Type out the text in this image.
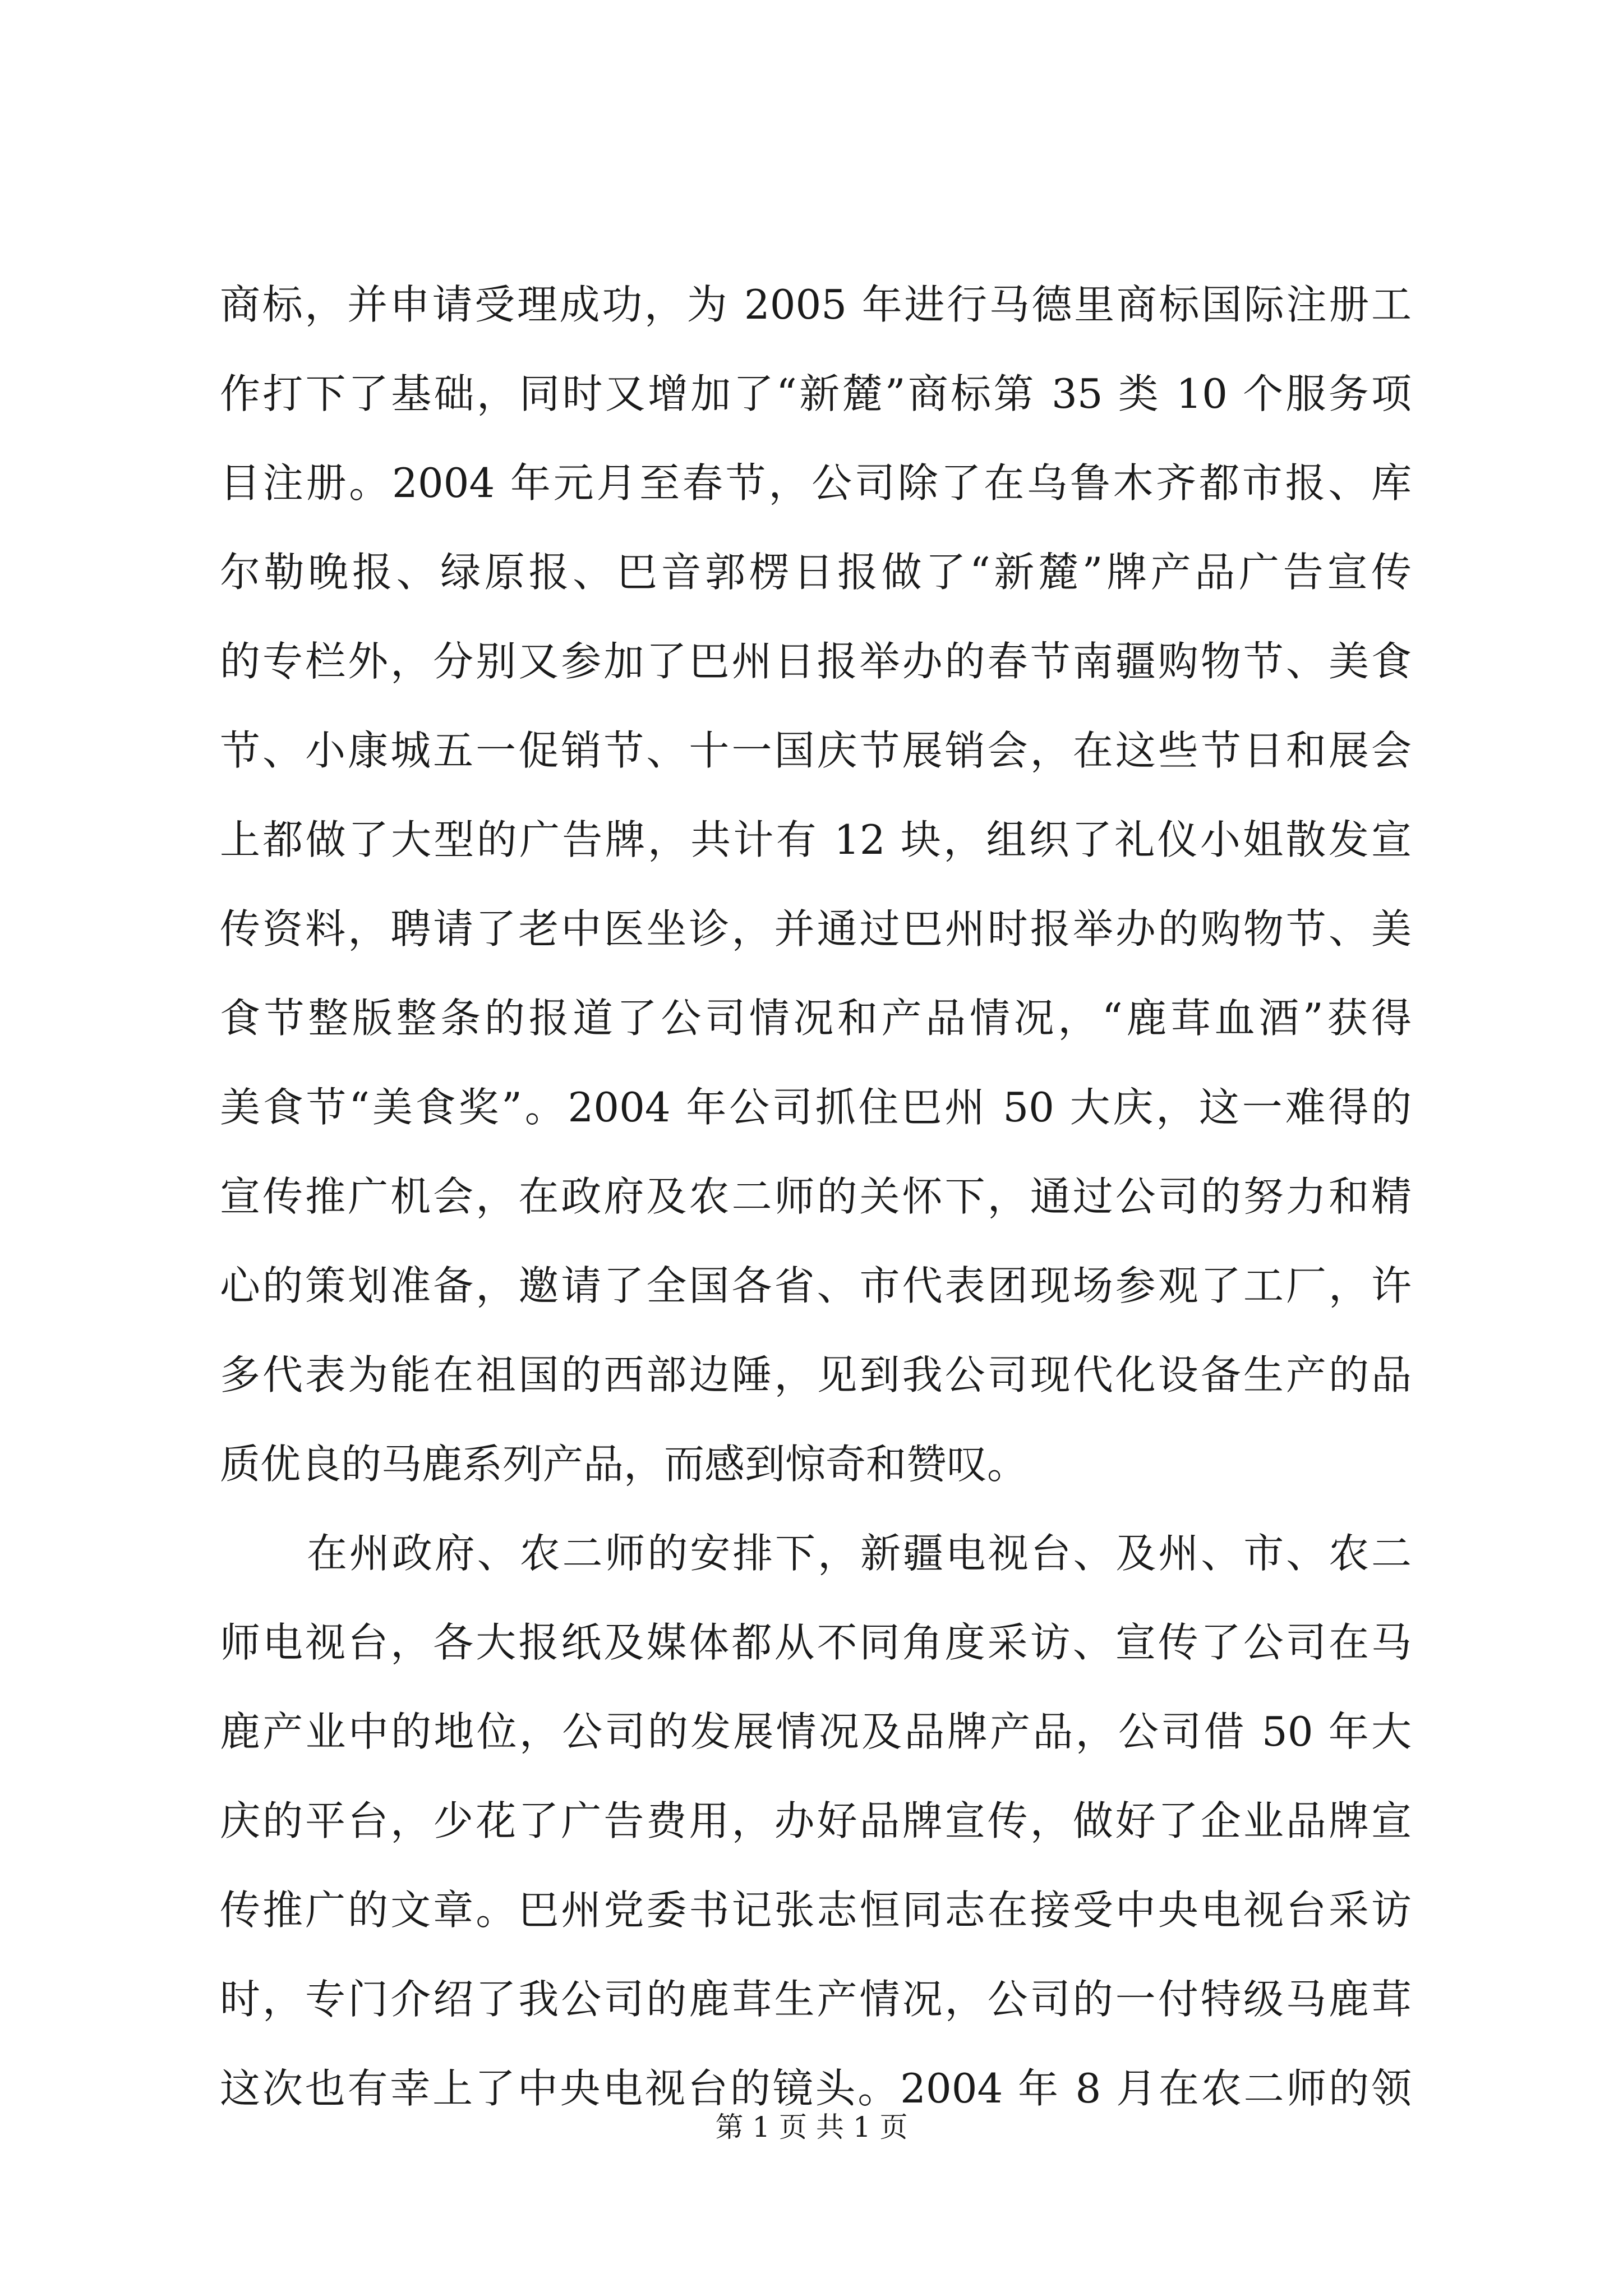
商标，并申请受理成功，为 2005 年进行马德里商标国际注册工
作打下了基础，同时又增加了“新麓”商标第 35 类 10 个服务项
目注册。2004 年元月至春节，公司除了在乌鲁木齐都市报、库
尔勒晚报、绿原报、巴音郭楞日报做了“新麓”牌产品广告宣传
的专栏外，分别又参加了巴州日报举办的春节南疆购物节、美食
节、小康城五一促销节、十一国庆节展销会，在这些节日和展会
上都做了大型的广告牌，共计有 12 块，组织了礼仪小姐散发宣
传资料，聘请了老中医坐诊，并通过巴州时报举办的购物节、美
食节整版整条的报道了公司情况和产品情况，“鹿茸血酒”获得
美食节“美食奖”。2004 年公司抓住巴州 50 大庆，这一难得的
宣传推广机会，在政府及农二师的关怀下，通过公司的努力和精
心的策划准备，邀请了全国各省、市代表团现场参观了工厂，许
多代表为能在祖国的西部边陲，见到我公司现代化设备生产的品
质优良的马鹿系列产品，而感到惊奇和赞叹。
在州政府、农二师的安排下，新疆电视台、及州、市、农二
师电视台，各大报纸及媒体都从不同角度采访、宣传了公司在马
鹿产业中的地位，公司的发展情况及品牌产品，公司借 50 年大
庆的平台，少花了广告费用，办好品牌宣传，做好了企业品牌宣
传推广的文章。巴州党委书记张志恒同志在接受中央电视台采访
时，专门介绍了我公司的鹿茸生产情况，公司的一付特级马鹿茸
这次也有幸上了中央电视台的镜头。2004 年 8 月在农二师的领
第 1 页 共 1 页
